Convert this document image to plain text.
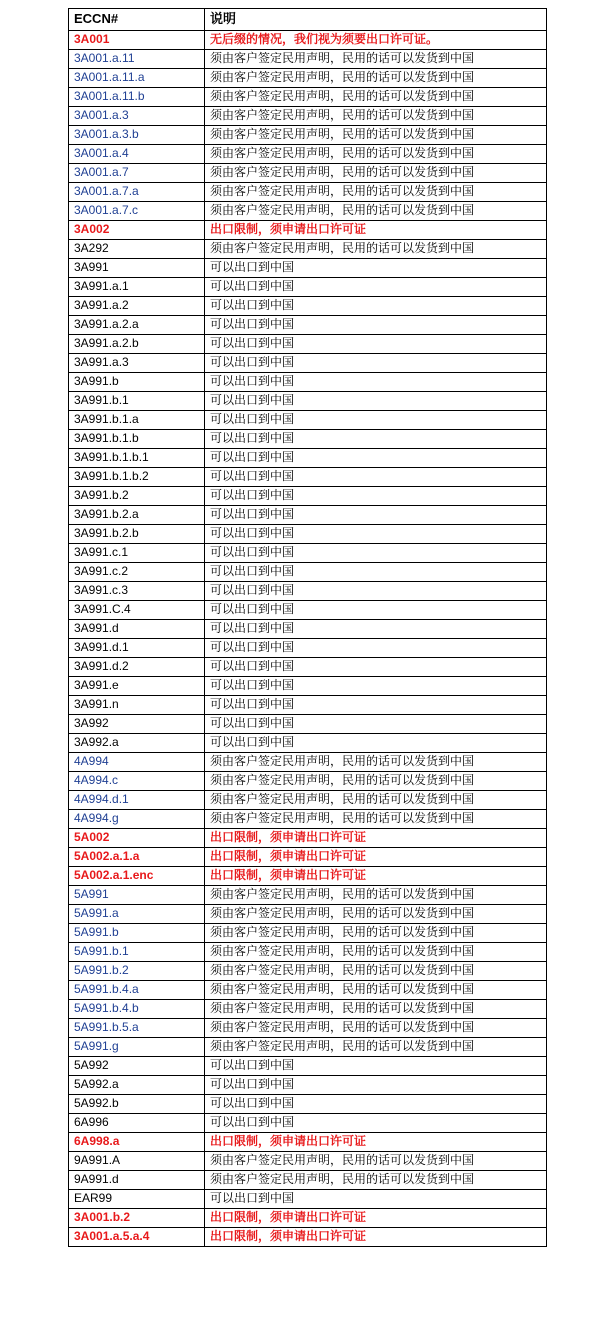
ECCN#	说明
3A001	无后缀的情况，我们视为须要出口许可证。
3A001.a.11	须由客户签定民用声明，民用的话可以发货到中国
3A001.a.11.a	须由客户签定民用声明，民用的话可以发货到中国
3A001.a.11.b	须由客户签定民用声明，民用的话可以发货到中国
3A001.a.3	须由客户签定民用声明，民用的话可以发货到中国
3A001.a.3.b	须由客户签定民用声明，民用的话可以发货到中国
3A001.a.4	须由客户签定民用声明，民用的话可以发货到中国
3A001.a.7	须由客户签定民用声明，民用的话可以发货到中国
3A001.a.7.a	须由客户签定民用声明，民用的话可以发货到中国
3A001.a.7.c	须由客户签定民用声明，民用的话可以发货到中国
3A002	出口限制，须申请出口许可证
3A292	须由客户签定民用声明，民用的话可以发货到中国
3A991	可以出口到中国
3A991.a.1	可以出口到中国
3A991.a.2	可以出口到中国
3A991.a.2.a	可以出口到中国
3A991.a.2.b	可以出口到中国
3A991.a.3	可以出口到中国
3A991.b	可以出口到中国
3A991.b.1	可以出口到中国
3A991.b.1.a	可以出口到中国
3A991.b.1.b	可以出口到中国
3A991.b.1.b.1	可以出口到中国
3A991.b.1.b.2	可以出口到中国
3A991.b.2	可以出口到中国
3A991.b.2.a	可以出口到中国
3A991.b.2.b	可以出口到中国
3A991.c.1	可以出口到中国
3A991.c.2	可以出口到中国
3A991.c.3	可以出口到中国
3A991.C.4	可以出口到中国
3A991.d	可以出口到中国
3A991.d.1	可以出口到中国
3A991.d.2	可以出口到中国
3A991.e	可以出口到中国
3A991.n	可以出口到中国
3A992	可以出口到中国
3A992.a	可以出口到中国
4A994	须由客户签定民用声明，民用的话可以发货到中国
4A994.c	须由客户签定民用声明，民用的话可以发货到中国
4A994.d.1	须由客户签定民用声明，民用的话可以发货到中国
4A994.g	须由客户签定民用声明，民用的话可以发货到中国
5A002	出口限制，须申请出口许可证
5A002.a.1.a	出口限制，须申请出口许可证
5A002.a.1.enc	出口限制，须申请出口许可证
5A991	须由客户签定民用声明，民用的话可以发货到中国
5A991.a	须由客户签定民用声明，民用的话可以发货到中国
5A991.b	须由客户签定民用声明，民用的话可以发货到中国
5A991.b.1	须由客户签定民用声明，民用的话可以发货到中国
5A991.b.2	须由客户签定民用声明，民用的话可以发货到中国
5A991.b.4.a	须由客户签定民用声明，民用的话可以发货到中国
5A991.b.4.b	须由客户签定民用声明，民用的话可以发货到中国
5A991.b.5.a	须由客户签定民用声明，民用的话可以发货到中国
5A991.g	须由客户签定民用声明，民用的话可以发货到中国
5A992	可以出口到中国
5A992.a	可以出口到中国
5A992.b	可以出口到中国
6A996	可以出口到中国
6A998.a	出口限制，须申请出口许可证
9A991.A	须由客户签定民用声明，民用的话可以发货到中国
9A991.d	须由客户签定民用声明，民用的话可以发货到中国
EAR99	可以出口到中国
3A001.b.2	出口限制，须申请出口许可证
3A001.a.5.a.4	出口限制，须申请出口许可证
